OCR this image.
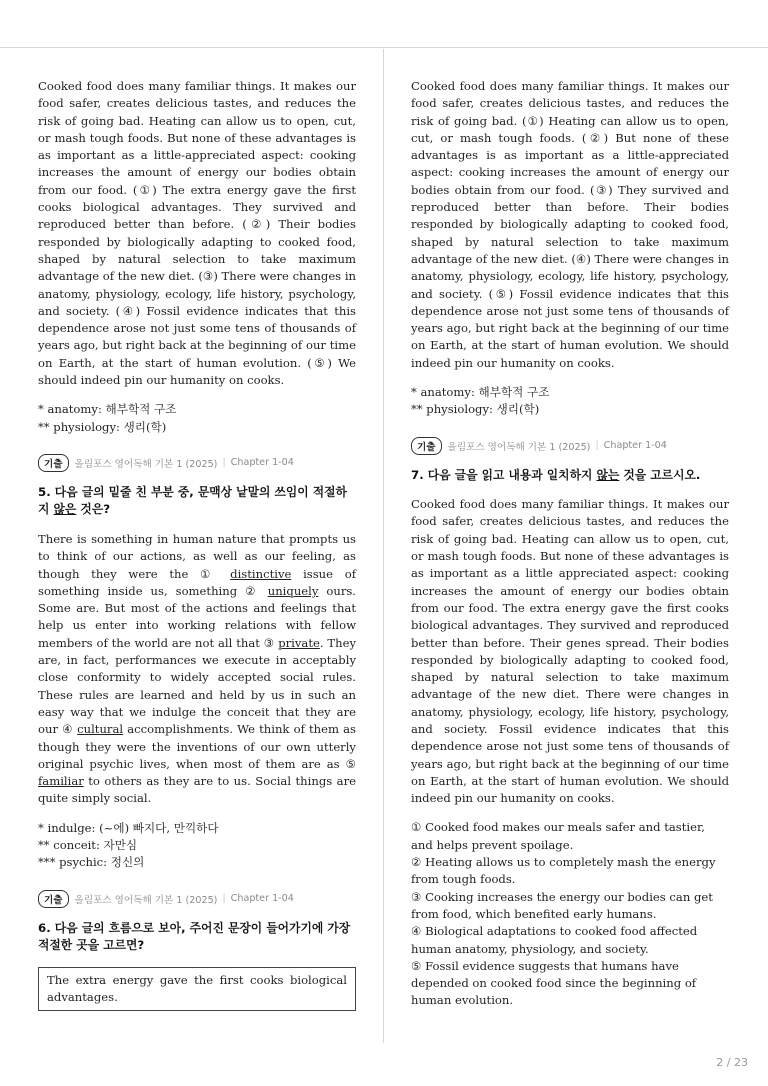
Cooked food does many familiar things. It makes our food safer, creates delicious tastes, and reduces the risk of going bad. Heating can allow us to open, cut, or mash tough foods. But none of these advantages is as important as a little-appreciated aspect: cooking increases the amount of energy our bodies obtain from our food. (①) The extra energy gave the first cooks biological advantages. They survived and reproduced better than before. (②) Their bodies responded by biologically adapting to cooked food, shaped by natural selection to take maximum advantage of the new diet. (③) There were changes in anatomy, physiology, ecology, life history, psychology, and society. (④) Fossil evidence indicates that this dependence arose not just some tens of thousands of years ago, but right back at the beginning of our time on Earth, at the start of human evolution. (⑤) We should indeed pin our humanity on cooks.

* anatomy: 해부학적 구조
** physiology: 생리(학)
기출	올림포스 영어독해 기본 1 (2025) | Chapter 1-04
5. 다음 글의 밑줄 친 부분 중, 문맥상 낱말의 쓰임이 적절하지 않은 것은?

There is something in human nature that prompts us to think of our actions, as well as our feeling, as though they were the ① distinctive issue of something inside us, something ② uniquely ours. Some are. But most of the actions and feelings that help us enter into working relations with fellow members of the world are not all that ③ private. They are, in fact, performances we execute in acceptably close conformity to widely accepted social rules. These rules are learned and held by us in such an easy way that we indulge the conceit that they are our ④ cultural accomplishments. We think of them as though they were the inventions of our own utterly original psychic lives, when most of them are as ⑤ familiar to others as they are to us. Social things are quite simply social.

* indulge: (~에) 빠지다, 만끽하다
** conceit: 자만심
*** psychic: 정신의
기출	올림포스 영어독해 기본 1 (2025) | Chapter 1-04
6. 다음 글의 흐름으로 보아, 주어진 문장이 들어가기에 가장 적절한 곳을 고르면?
The extra energy gave the first cooks biological advantages.

Cooked food does many familiar things. It makes our food safer, creates delicious tastes, and reduces the risk of going bad. (①) Heating can allow us to open, cut, or mash tough foods. (②) But none of these advantages is as important as a little-appreciated aspect: cooking increases the amount of energy our bodies obtain from our food. (③) They survived and reproduced better than before. Their bodies responded by biologically adapting to cooked food, shaped by natural selection to take maximum advantage of the new diet. (④) There were changes in anatomy, physiology, ecology, life history, psychology, and society. (⑤) Fossil evidence indicates that this dependence arose not just some tens of thousands of years ago, but right back at the beginning of our time on Earth, at the start of human evolution. We should indeed pin our humanity on cooks.

* anatomy: 해부학적 구조
** physiology: 생리(학)
기출	올림포스 영어독해 기본 1 (2025) | Chapter 1-04
7. 다음 글을 읽고 내용과 일치하지 않는 것을 고르시오.

Cooked food does many familiar things. It makes our food safer, creates delicious tastes, and reduces the risk of going bad. Heating can allow us to open, cut, or mash tough foods. But none of these advantages is as important as a little appreciated aspect: cooking increases the amount of energy our bodies obtain from our food. The extra energy gave the first cooks biological advantages. They survived and reproduced better than before. Their genes spread. Their bodies responded by biologically adapting to cooked food, shaped by natural selection to take maximum advantage of the new diet. There were changes in anatomy, physiology, ecology, life history, psychology, and society. Fossil evidence indicates that this dependence arose not just some tens of thousands of years ago, but right back at the beginning of our time on Earth, at the start of human evolution. We should indeed pin our humanity on cooks.

① Cooked food makes our meals safer and tastier, and helps prevent spoilage.
② Heating allows us to completely mash the energy from tough foods.
③ Cooking increases the energy our bodies can get from food, which benefited early humans.
④ Biological adaptations to cooked food affected human anatomy, physiology, and society.
⑤ Fossil evidence suggests that humans have depended on cooked food since the beginning of human evolution.
2 / 23
